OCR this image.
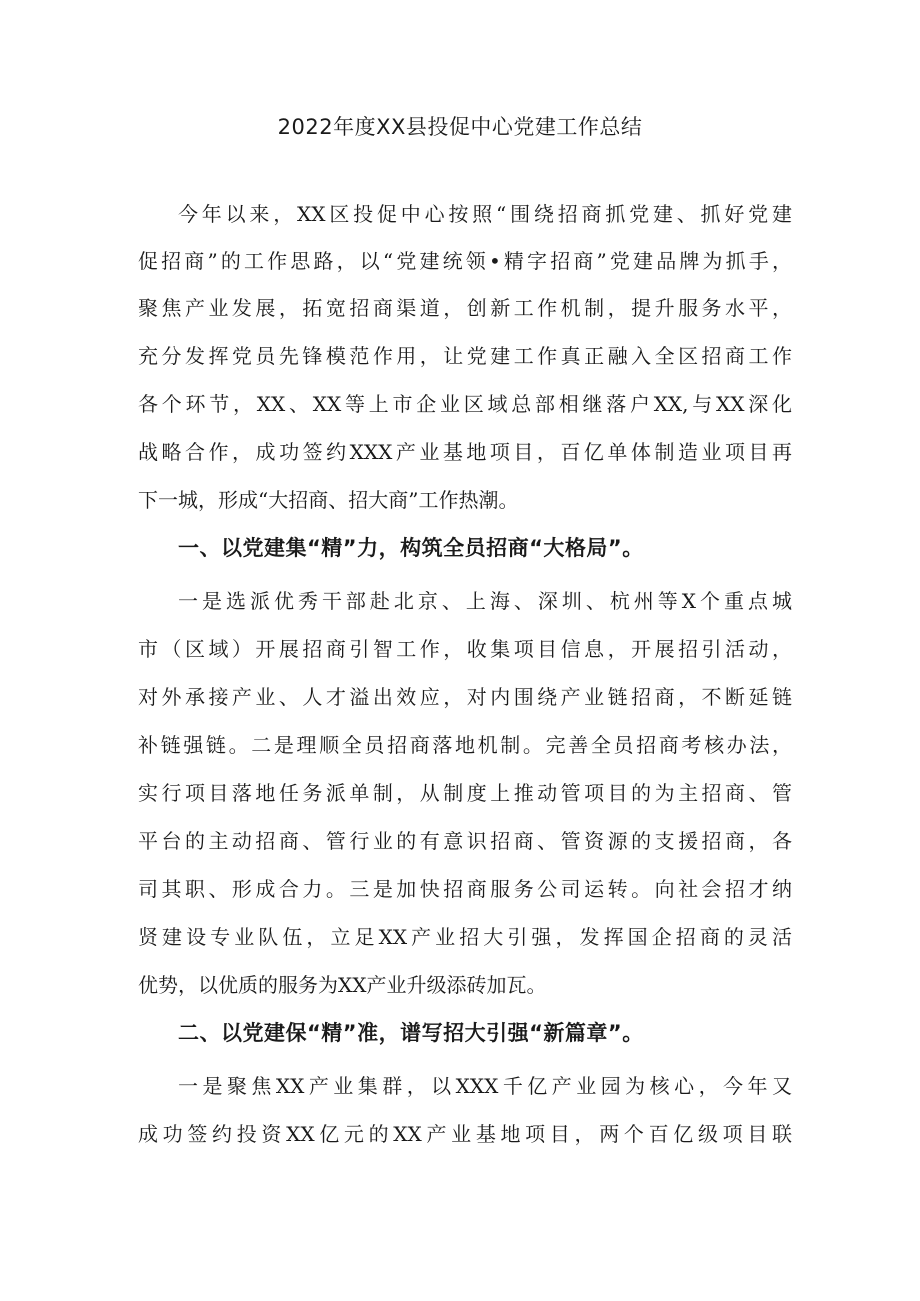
2022年度XX县投促中心党建工作总结
今年以来，XX区投促中心按照“围绕招商抓党建、抓好党建
促招商”的工作思路，以“党建统领•精字招商”党建品牌为抓手，
聚焦产业发展，拓宽招商渠道，创新工作机制，提升服务水平，
充分发挥党员先锋模范作用，让党建工作真正融入全区招商工作
各个环节，XX、XX等上市企业区域总部相继落户XX,与XX深化
战略合作，成功签约XXX产业基地项目，百亿单体制造业项目再
下一城，形成“大招商、招大商”工作热潮。
一、以党建集“精”力，构筑全员招商“大格局”。
一是选派优秀干部赴北京、上海、深圳、杭州等X个重点城
市（区域）开展招商引智工作，收集项目信息，开展招引活动，
对外承接产业、人才溢出效应，对内围绕产业链招商，不断延链
补链强链。二是理顺全员招商落地机制。完善全员招商考核办法，
实行项目落地任务派单制，从制度上推动管项目的为主招商、管
平台的主动招商、管行业的有意识招商、管资源的支援招商，各
司其职、形成合力。三是加快招商服务公司运转。向社会招才纳
贤建设专业队伍，立足XX产业招大引强，发挥国企招商的灵活
优势，以优质的服务为XX产业升级添砖加瓦。
二、以党建保“精”准，谱写招大引强“新篇章”。
一是聚焦XX产业集群，以XXX千亿产业园为核心，今年又
成功签约投资XX亿元的XX产业基地项目，两个百亿级项目联
